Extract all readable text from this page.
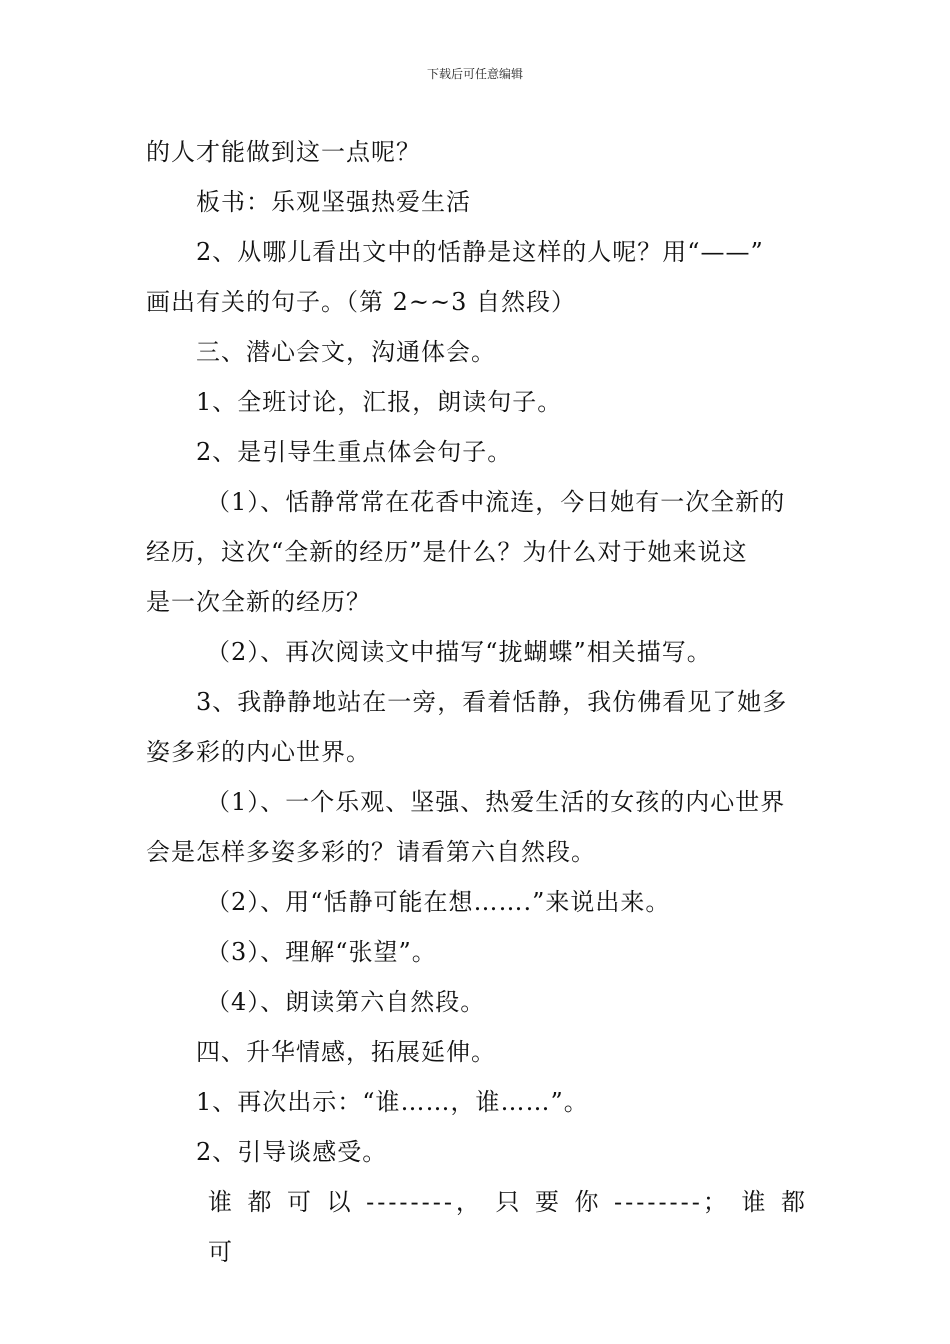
下载后可任意编辑
的人才能做到这一点呢？
板书：乐观坚强热爱生活
2、从哪儿看出文中的恬静是这样的人呢？用“——”
画出有关的句子。（第 2~~3 自然段）
三、潜心会文，沟通体会。
1、全班讨论，汇报，朗读句子。
2、是引导生重点体会句子。
（1）、恬静常常在花香中流连，今日她有一次全新的
经历，这次“全新的经历”是什么？为什么对于她来说这
是一次全新的经历？
（2）、再次阅读文中描写“拢蝴蝶”相关描写。
3、我静静地站在一旁，看着恬静，我仿佛看见了她多
姿多彩的内心世界。
（1）、一个乐观、坚强、热爱生活的女孩的内心世界
会是怎样多姿多彩的？请看第六自然段。
（2）、用“恬静可能在想…….”来说出来。
（3）、理解“张望”。
（4）、朗读第六自然段。
四、升华情感，拓展延伸。
1、再次出示：“谁……，谁……”。
2、引导谈感受。
谁 都 可 以 --------， 只 要 你 --------； 谁 都 可
